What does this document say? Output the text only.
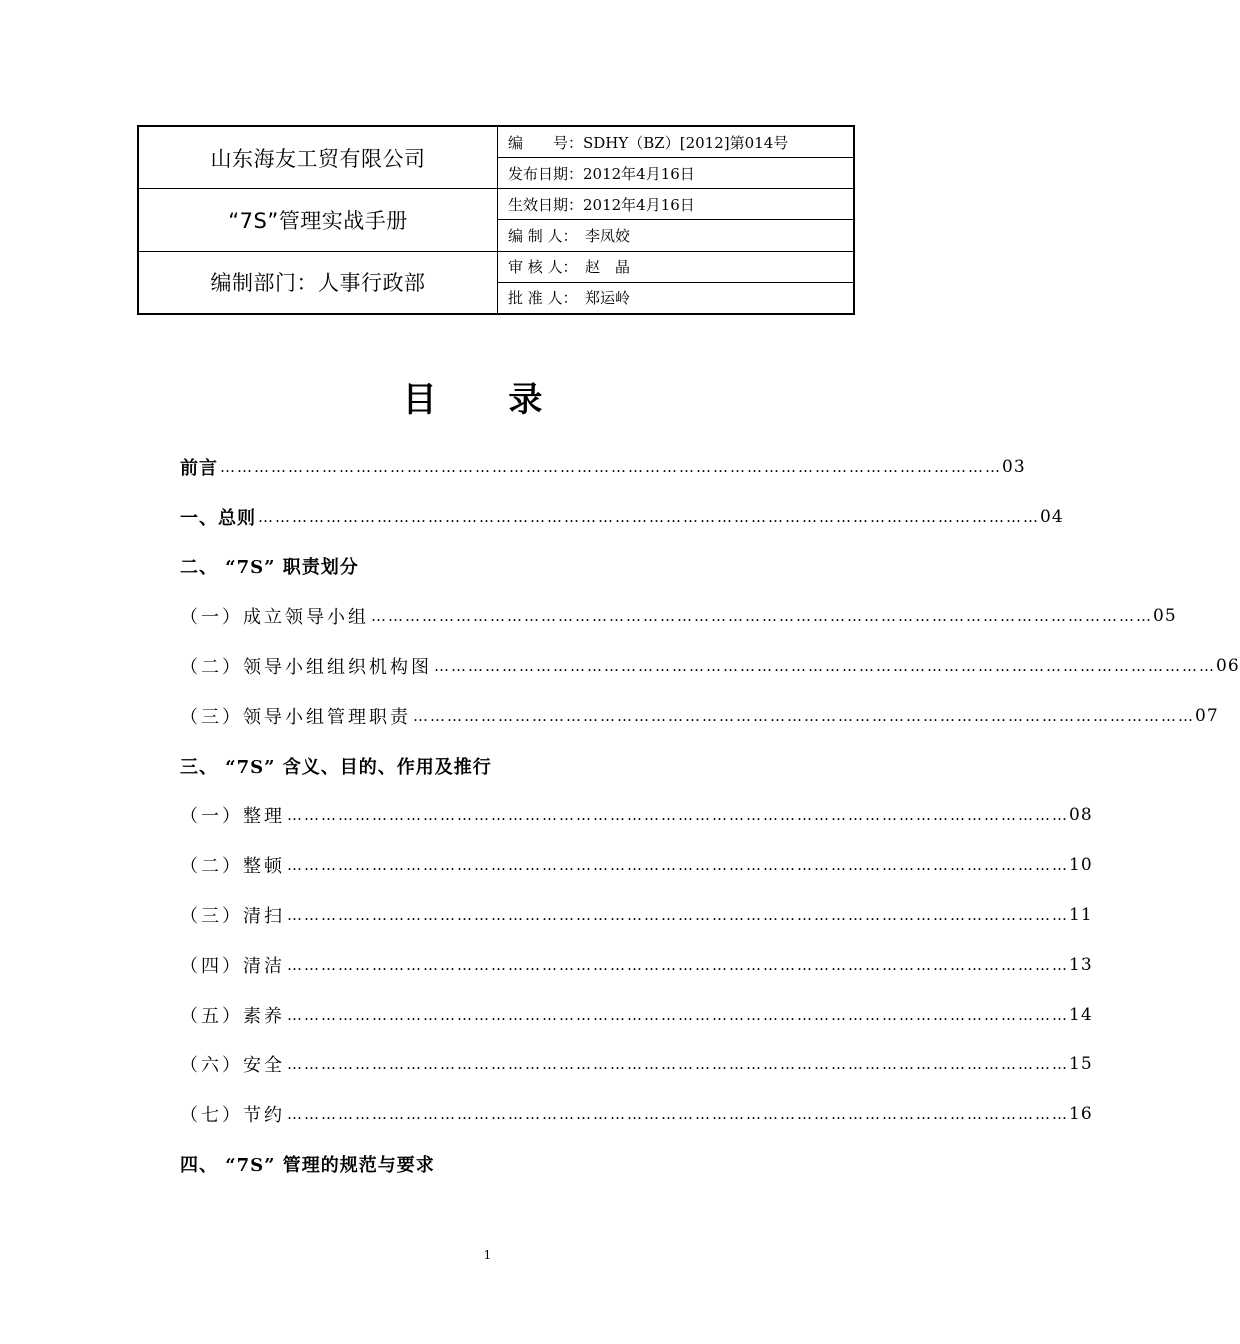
山东海友工贸有限公司	编　　号：SDHY（BZ）[2012]第014号
	发布日期：2012年4月16日
“7S”管理实战手册	生效日期：2012年4月16日
	编 制 人：　李凤姣
编制部门：人事行政部	审 核 人：　赵　晶
	批 准 人：　郑运岭
目 录
前言 ………………………………………………………………………………………………………………………… 03
一、总则 ………………………………………………………………………………………………………………………… 04
二、 “7S” 职责划分
（一）成立领导小组 ………………………………………………………………………………………………………………………… 05
（二）领导小组组织机构图 ………………………………………………………………………………………………………………………… 06
（三）领导小组管理职责 ………………………………………………………………………………………………………………………… 07
三、 “7S” 含义、目的、作用及推行
（一）整理 ………………………………………………………………………………………………………………………… 08
（二）整顿 ………………………………………………………………………………………………………………………… 10
（三）清扫 ………………………………………………………………………………………………………………………… 11
（四）清洁 ………………………………………………………………………………………………………………………… 13
（五）素养 ………………………………………………………………………………………………………………………… 14
（六）安全 ………………………………………………………………………………………………………………………… 15
（七）节约 ………………………………………………………………………………………………………………………… 16
四、 “7S” 管理的规范与要求
1
